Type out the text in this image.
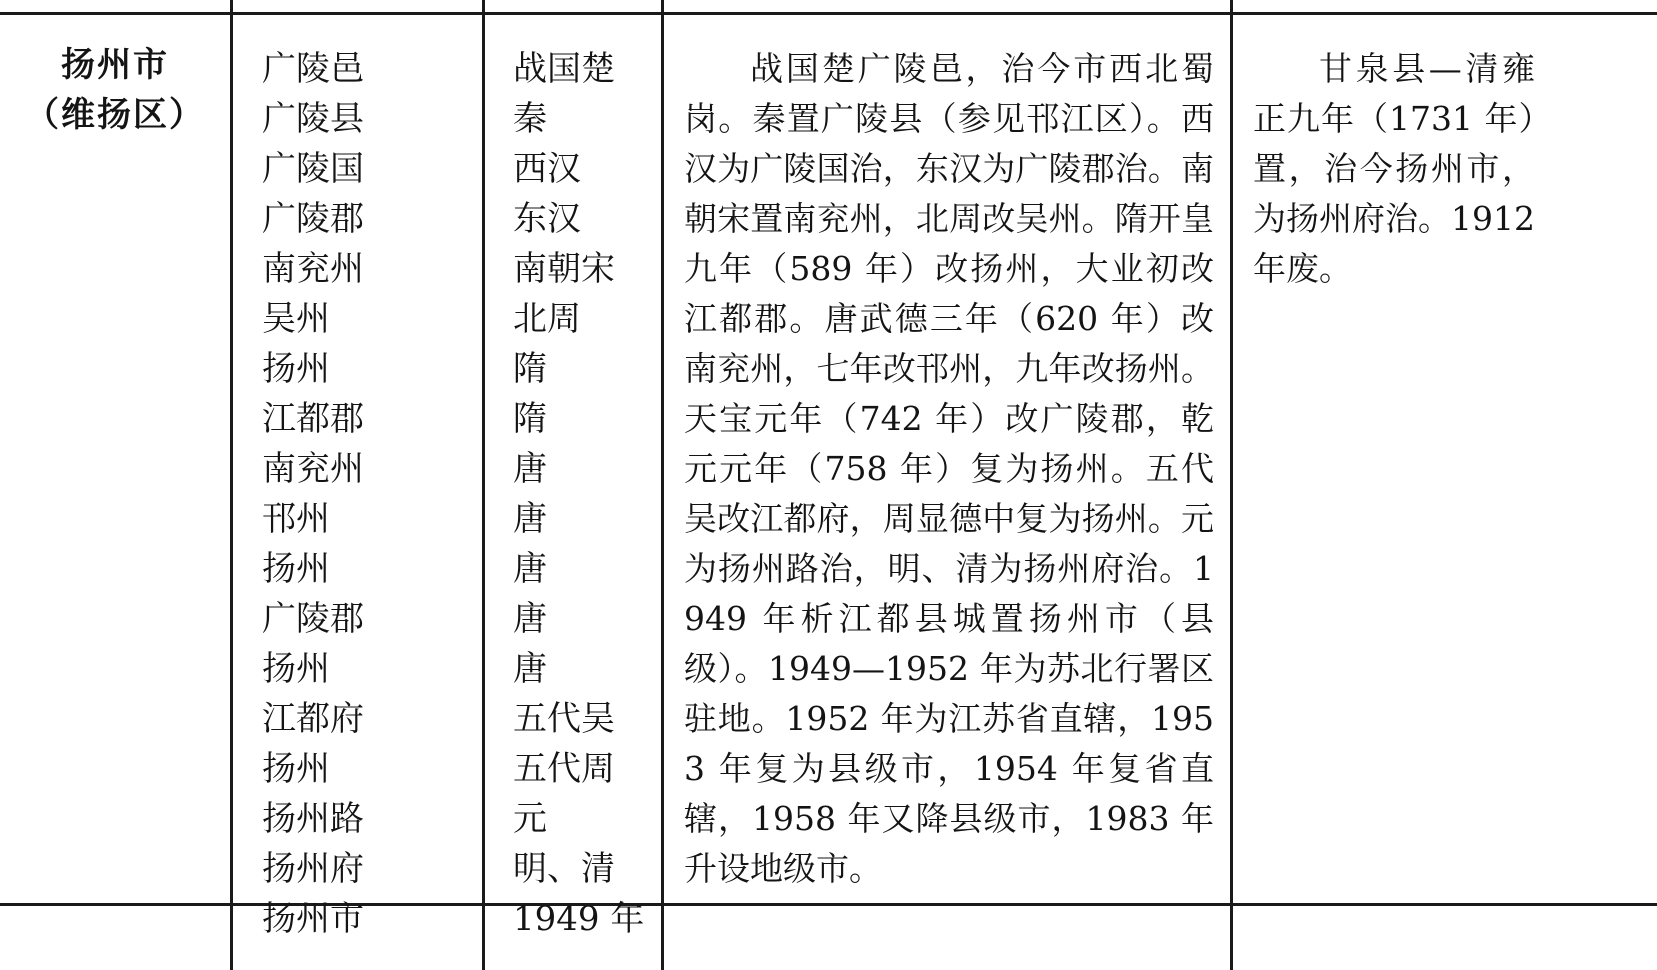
扬州市
（维扬区）
广陵邑
广陵县
广陵国
广陵郡
南兖州
吴州
扬州
江都郡
南兖州
邗州
扬州
广陵郡
扬州
江都府
扬州
扬州路
扬州府
扬州市
战国楚
秦
西汉
东汉
南朝宋
北周
隋
隋
唐
唐
唐
唐
唐
五代吴
五代周
元
明、清
1949 年
战国楚广陵邑，治今市西北蜀岗。秦置广陵县（参见邗江区）。西汉为广陵国治，东汉为广陵郡治。南朝宋置南兖州，北周改吴州。隋开皇九年（589 年）改扬州，大业初改江都郡。唐武德三年（620 年）改南兖州，七年改邗州，九年改扬州。天宝元年（742 年）改广陵郡，乾元元年（758 年）复为扬州。五代吴改江都府，周显德中复为扬州。元为扬州路治，明、清为扬州府治。1949 年析江都县城置扬州市（县级）。1949—1952 年为苏北行署区驻地。1952 年为江苏省直辖，1953 年复为县级市，1954 年复省直辖，1958 年又降县级市，1983 年升设地级市。
甘泉县—清雍正九年（1731 年）置，治今扬州市，为扬州府治。1912 年废。
